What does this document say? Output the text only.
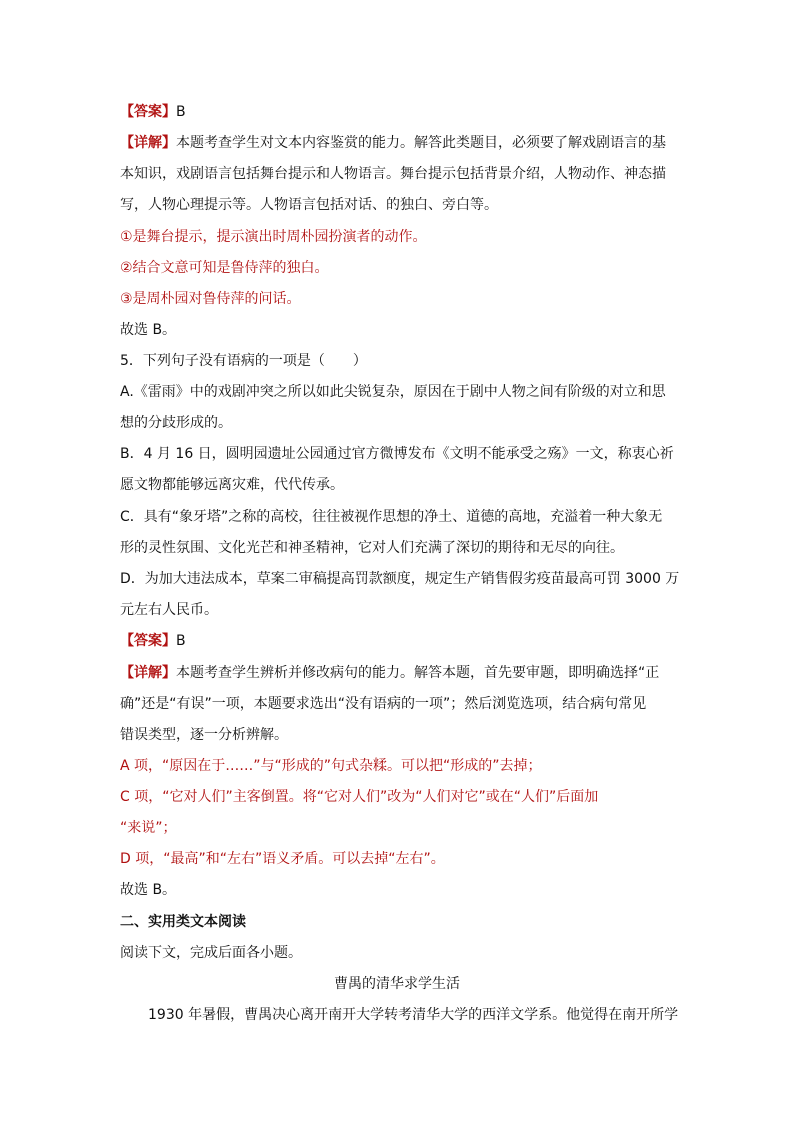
【答案】B
【详解】本题考查学生对文本内容鉴赏的能力。解答此类题目，必须要了解戏剧语言的基
本知识，戏剧语言包括舞台提示和人物语言。舞台提示包括背景介绍，人物动作、神态描
写，人物心理提示等。人物语言包括对话、的独白、旁白等。
①是舞台提示，提示演出时周朴园扮演者的动作。
②结合文意可知是鲁侍萍的独白。
③是周朴园对鲁侍萍的问话。
故选 B。
5．下列句子没有语病的一项是（　　）
A.《雷雨》中的戏剧冲突之所以如此尖锐复杂，原因在于剧中人物之间有阶级的对立和思
想的分歧形成的。
B．4 月 16 日，圆明园遗址公园通过官方微博发布《文明不能承受之殇》一文，称衷心祈
愿文物都能够远离灾难，代代传承。
C．具有“象牙塔”之称的高校，往往被视作思想的净土、道德的高地，充溢着一种大象无
形的灵性氛围、文化光芒和神圣精神，它对人们充满了深切的期待和无尽的向往。
D．为加大违法成本，草案二审稿提高罚款额度，规定生产销售假劣疫苗最高可罚 3000 万
元左右人民币。
【答案】B
【详解】本题考查学生辨析并修改病句的能力。解答本题，首先要审题，即明确选择“正
确”还是“有误”一项，本题要求选出“没有语病的一项”；然后浏览选项，结合病句常见
错误类型，逐一分析辨解。
A 项，“原因在于……”与“形成的”句式杂糅。可以把“形成的”去掉；
C 项，“它对人们”主客倒置。将“它对人们”改为“人们对它”或在“人们”后面加
“来说”；
D 项，“最高”和“左右”语义矛盾。可以去掉“左右”。
故选 B。
二、实用类文本阅读
阅读下文，完成后面各小题。
曹禺的清华求学生活
1930 年暑假，曹禺决心离开南开大学转考清华大学的西洋文学系。他觉得在南开所学
